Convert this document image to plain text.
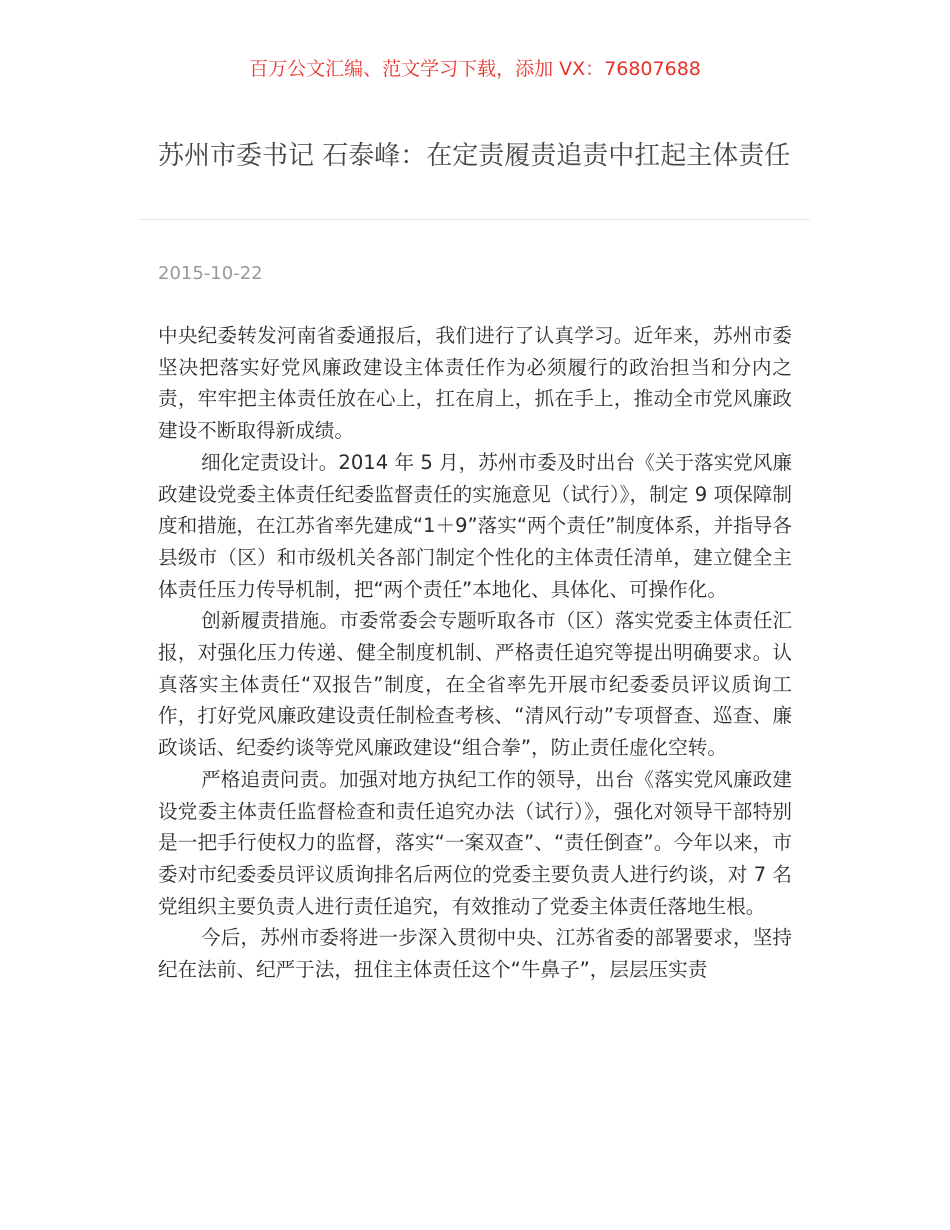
百万公文汇编、范文学习下载，添加 VX：76807688
苏州市委书记 石泰峰：在定责履责追责中扛起主体责任
2015-10-22

中央纪委转发河南省委通报后，我们进行了认真学习。近年来，苏州市委坚决把落实好党风廉政建设主体责任作为必须履行的政治担当和分内之责，牢牢把主体责任放在心上，扛在肩上，抓在手上，推动全市党风廉政建设不断取得新成绩。

细化定责设计。2014 年 5 月，苏州市委及时出台《关于落实党风廉政建设党委主体责任纪委监督责任的实施意见（试行）》，制定 9 项保障制度和措施，在江苏省率先建成“1＋9”落实“两个责任”制度体系，并指导各县级市（区）和市级机关各部门制定个性化的主体责任清单，建立健全主体责任压力传导机制，把“两个责任”本地化、具体化、可操作化。

创新履责措施。市委常委会专题听取各市（区）落实党委主体责任汇报，对强化压力传递、健全制度机制、严格责任追究等提出明确要求。认真落实主体责任“双报告”制度，在全省率先开展市纪委委员评议质询工作，打好党风廉政建设责任制检查考核、“清风行动”专项督查、巡查、廉政谈话、纪委约谈等党风廉政建设“组合拳”，防止责任虚化空转。

严格追责问责。加强对地方执纪工作的领导，出台《落实党风廉政建设党委主体责任监督检查和责任追究办法（试行）》，强化对领导干部特别是一把手行使权力的监督，落实“一案双查”、“责任倒查”。今年以来，市委对市纪委委员评议质询排名后两位的党委主要负责人进行约谈，对 7 名党组织主要负责人进行责任追究，有效推动了党委主体责任落地生根。

今后，苏州市委将进一步深入贯彻中央、江苏省委的部署要求，坚持纪在法前、纪严于法，扭住主体责任这个“牛鼻子”，层层压实责
